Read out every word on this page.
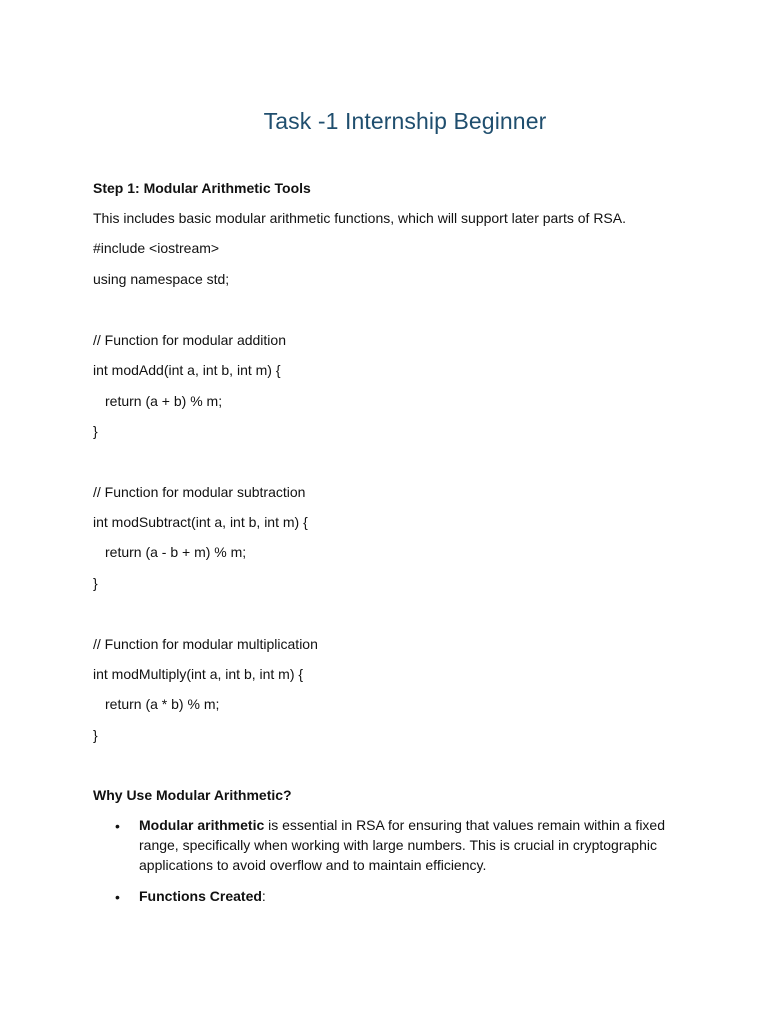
Task -1 Internship Beginner

Step 1: Modular Arithmetic Tools

This includes basic modular arithmetic functions, which will support later parts of RSA.

#include <iostream>

using namespace std;

// Function for modular addition

int modAdd(int a, int b, int m) {

return (a + b) % m;

}

// Function for modular subtraction

int modSubtract(int a, int b, int m) {

return (a - b + m) % m;

}

// Function for modular multiplication

int modMultiply(int a, int b, int m) {

return (a * b) % m;

}

Why Use Modular Arithmetic?

• Modular arithmetic is essential in RSA for ensuring that values remain within a fixed range, specifically when working with large numbers. This is crucial in cryptographic applications to avoid overflow and to maintain efficiency.

• Functions Created:
